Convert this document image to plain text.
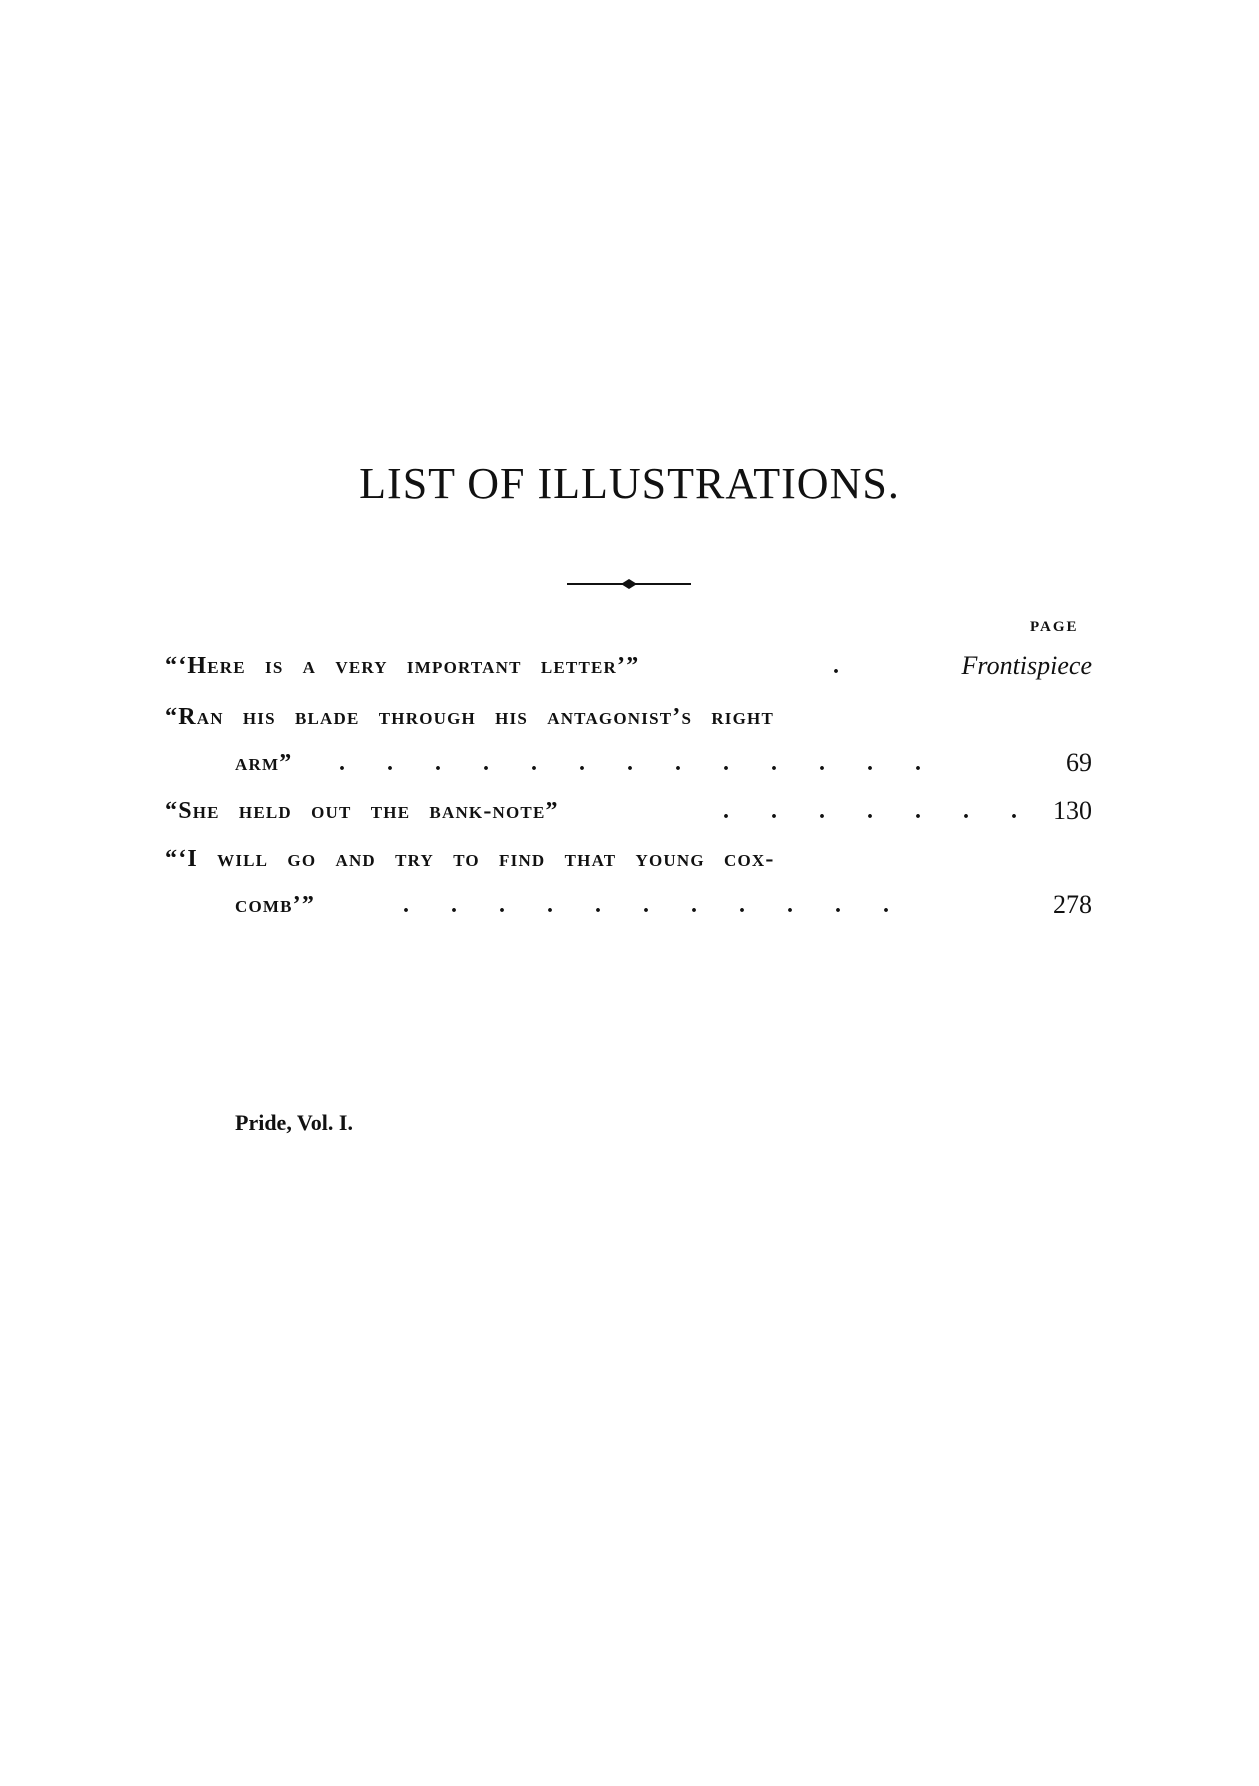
LIST OF ILLUSTRATIONS.
PAGE
“‘Here is a very important letter’”	.	Frontispiece
“Ran his blade through his antagonist’s right
arm” . . . . . . . . . . . . .	69
“She held out the bank-note”	. . . . . . . 130
“‘I will go and try to find that young cox-
comb’”	. . . . . . . . . . .	278
Pride, Vol. I.
